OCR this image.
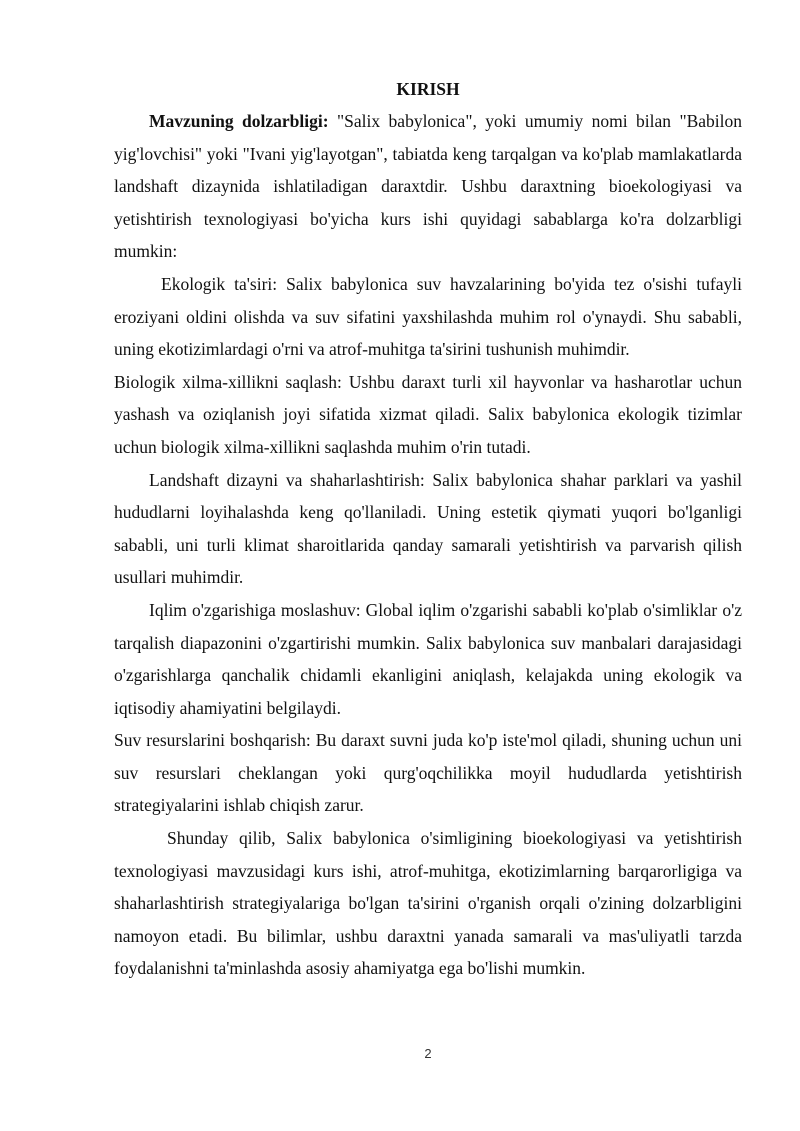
KIRISH

Mavzuning dolzarbligi: "Salix babylonica", yoki umumiy nomi bilan "Babilon yig'lovchisi" yoki "Ivani yig'layotgan", tabiatda keng tarqalgan va ko'plab mamlakatlarda landshaft dizaynida ishlatiladigan daraxtdir. Ushbu daraxtning bioekologiyasi va yetishtirish texnologiyasi bo'yicha kurs ishi quyidagi sabablarga ko'ra dolzarbligi mumkin:

Ekologik ta'siri: Salix babylonica suv havzalarining bo'yida tez o'sishi tufayli eroziyani oldini olishda va suv sifatini yaxshilashda muhim rol o'ynaydi. Shu sababli, uning ekotizimlardagi o'rni va atrof-muhitga ta'sirini tushunish muhimdir.

Biologik xilma-xillikni saqlash: Ushbu daraxt turli xil hayvonlar va hasharotlar uchun yashash va oziqlanish joyi sifatida xizmat qiladi. Salix babylonica ekologik tizimlar uchun biologik xilma-xillikni saqlashda muhim o'rin tutadi.

Landshaft dizayni va shaharlashtirish: Salix babylonica shahar parklari va yashil hududlarni loyihalashda keng qo'llaniladi. Uning estetik qiymati yuqori bo'lganligi sababli, uni turli klimat sharoitlarida qanday samarali yetishtirish va parvarish qilish usullari muhimdir.

Iqlim o'zgarishiga moslashuv: Global iqlim o'zgarishi sababli ko'plab o'simliklar o'z tarqalish diapazonini o'zgartirishi mumkin. Salix babylonica suv manbalari darajasidagi o'zgarishlarga qanchalik chidamli ekanligini aniqlash, kelajakda uning ekologik va iqtisodiy ahamiyatini belgilaydi.

Suv resurslarini boshqarish: Bu daraxt suvni juda ko'p iste'mol qiladi, shuning uchun uni suv resurslari cheklangan yoki qurg'oqchilikka moyil hududlarda yetishtirish strategiyalarini ishlab chiqish zarur.

Shunday qilib, Salix babylonica o'simligining bioekologiyasi va yetishtirish texnologiyasi mavzusidagi kurs ishi, atrof-muhitga, ekotizimlarning barqarorligiga va shaharlashtirish strategiyalariga bo'lgan ta'sirini o'rganish orqali o'zining dolzarbligini namoyon etadi. Bu bilimlar, ushbu daraxtni yanada samarali va mas'uliyatli tarzda foydalanishni ta'minlashda asosiy ahamiyatga ega bo'lishi mumkin.

2
